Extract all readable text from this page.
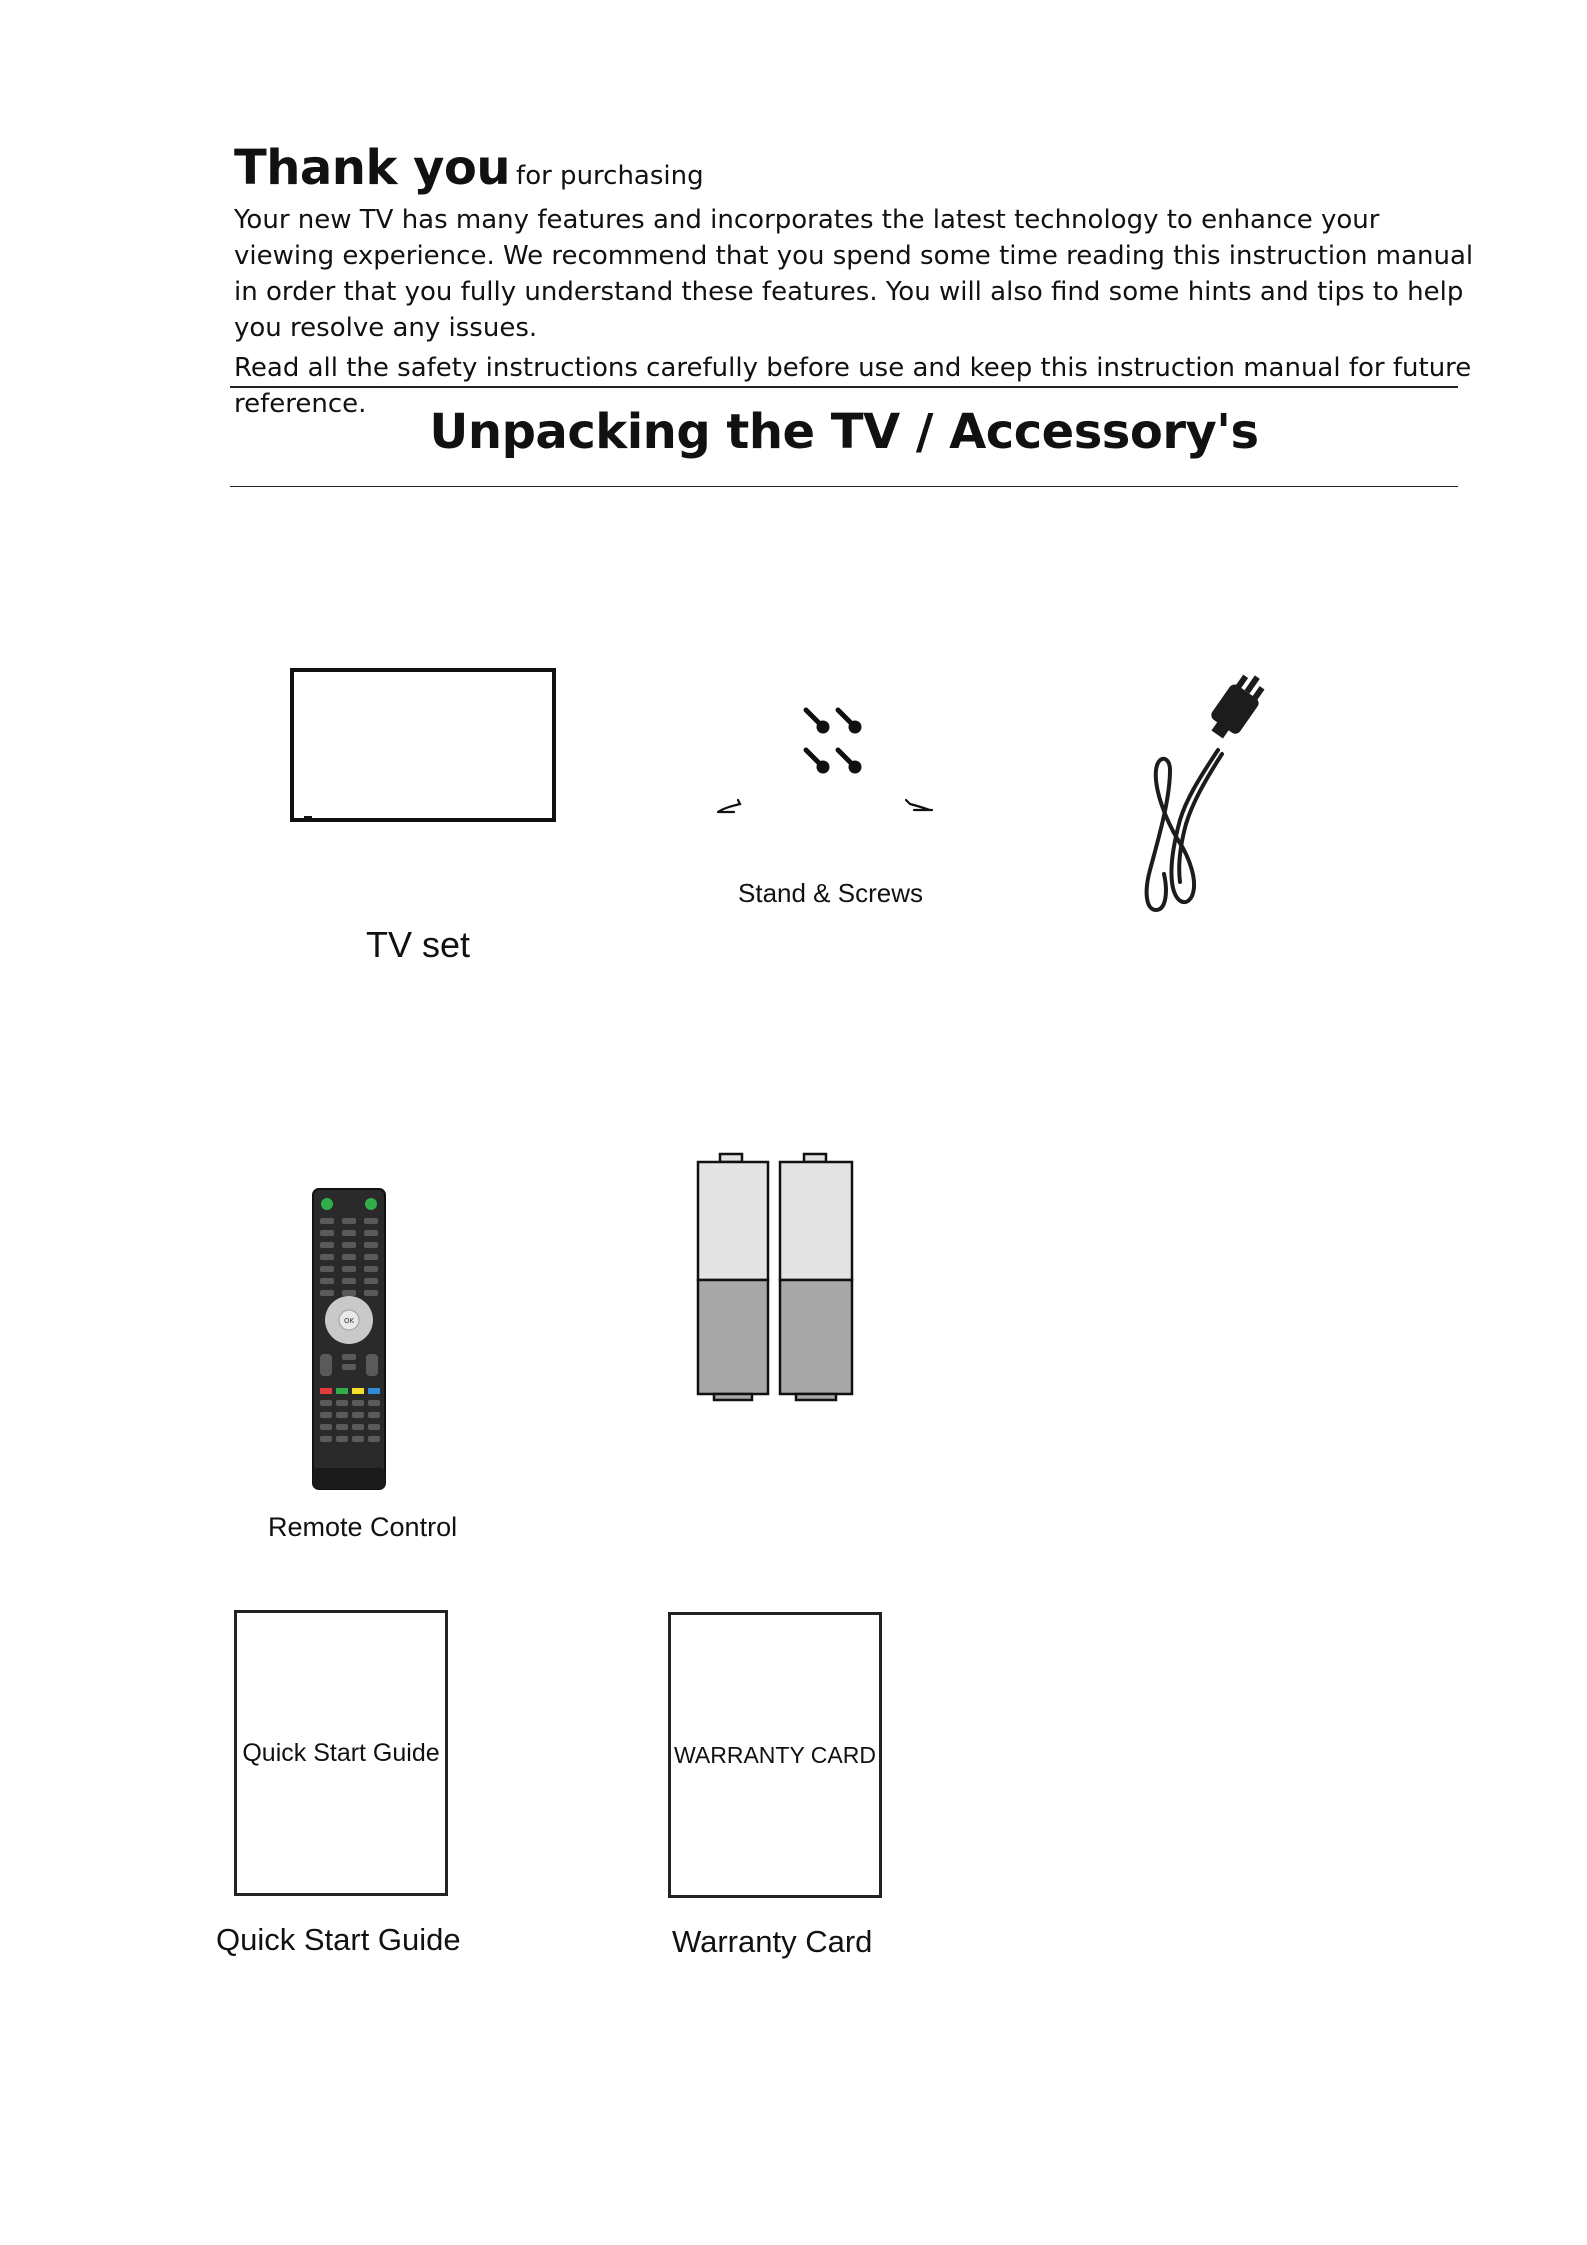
Thank you for purchasing

Your new TV has many features and incorporates the latest technology to enhance your viewing experience. We recommend that you spend some time reading this instruction manual in order that you fully understand these features. You will also find some hints and tips to help you resolve any issues.

Read all the safety instructions carefully before use and keep this instruction manual for future reference.	Unpacking the TV / Accessory's
TV set
Stand & Screws
OK
Remote Control
Quick Start Guide
Quick Start Guide
WARRANTY CARD
Warranty Card
